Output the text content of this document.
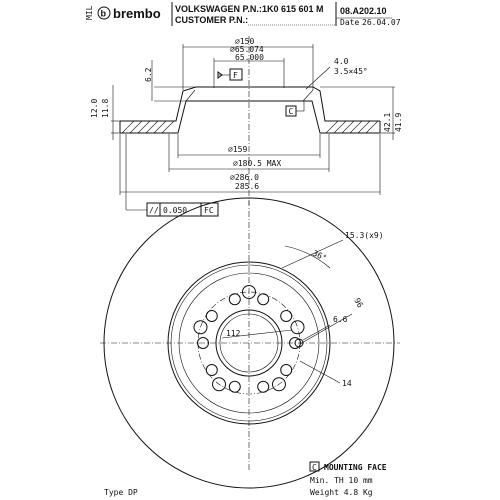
MIL b brembo VOLKSWAGEN P.N.: 1K0 615 601 M
CUSTOMER P.N.:
08.A202.10
Date 26.04.07
⌀150
⌀65.074
65.000
F
4.0
3.5×45°
6.2
12.0 11.8
42.1 41.9
C
⌀159
⌀180.5 MAX
⌀286.0
285.6
// 0.050 FC
15.3(x9)
36°
96
6.6
112
14
C MOUNTING FACE
Min. TH 10 mm
Weight 4.8 Kg
Type DP
